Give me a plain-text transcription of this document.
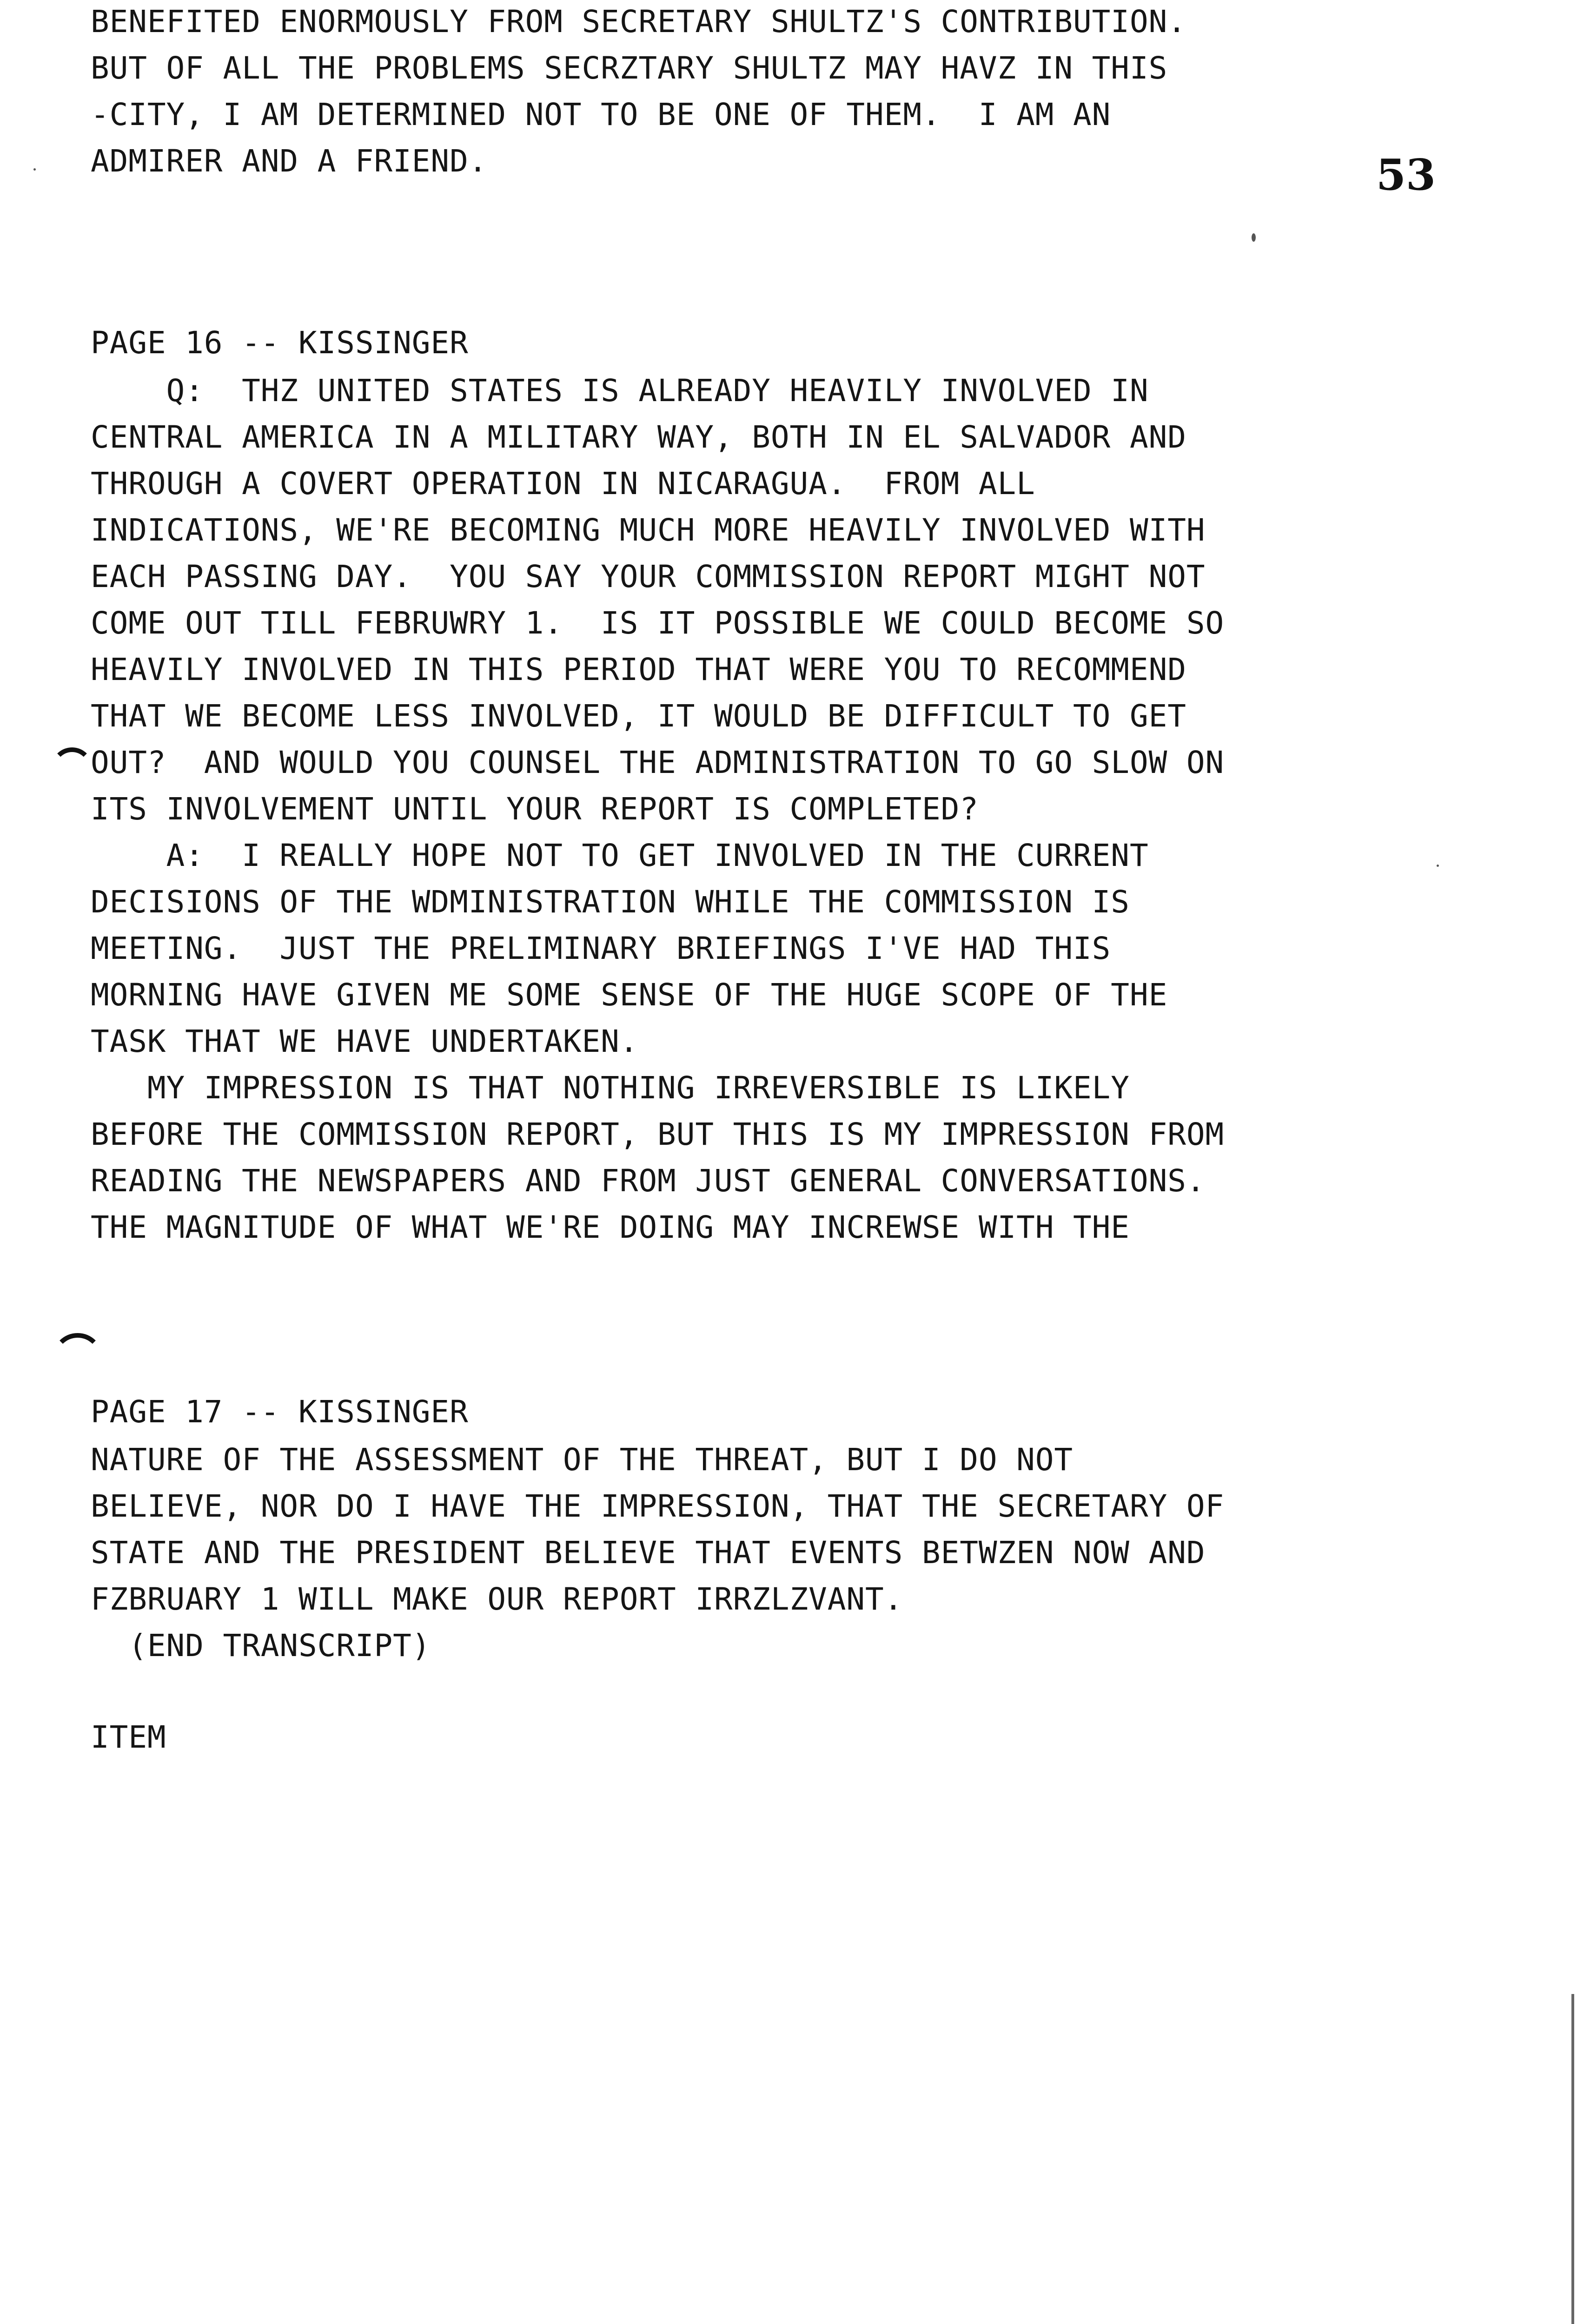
53
BENEFITED ENORMOUSLY FROM SECRETARY SHULTZ'S CONTRIBUTION.
BUT OF ALL THE PROBLEMS SECRZTARY SHULTZ MAY HAVZ IN THIS
-CITY, I AM DETERMINED NOT TO BE ONE OF THEM.  I AM AN
ADMIRER AND A FRIEND.
PAGE 16 -- KISSINGER
Q:  THZ UNITED STATES IS ALREADY HEAVILY INVOLVED IN
CENTRAL AMERICA IN A MILITARY WAY, BOTH IN EL SALVADOR AND
THROUGH A COVERT OPERATION IN NICARAGUA.  FROM ALL
INDICATIONS, WE'RE BECOMING MUCH MORE HEAVILY INVOLVED WITH
EACH PASSING DAY.  YOU SAY YOUR COMMISSION REPORT MIGHT NOT
COME OUT TILL FEBRUWRY 1.  IS IT POSSIBLE WE COULD BECOME SO
HEAVILY INVOLVED IN THIS PERIOD THAT WERE YOU TO RECOMMEND
THAT WE BECOME LESS INVOLVED, IT WOULD BE DIFFICULT TO GET
OUT?  AND WOULD YOU COUNSEL THE ADMINISTRATION TO GO SLOW ON
ITS INVOLVEMENT UNTIL YOUR REPORT IS COMPLETED?
A:  I REALLY HOPE NOT TO GET INVOLVED IN THE CURRENT
DECISIONS OF THE WDMINISTRATION WHILE THE COMMISSION IS
MEETING.  JUST THE PRELIMINARY BRIEFINGS I'VE HAD THIS
MORNING HAVE GIVEN ME SOME SENSE OF THE HUGE SCOPE OF THE
TASK THAT WE HAVE UNDERTAKEN.
MY IMPRESSION IS THAT NOTHING IRREVERSIBLE IS LIKELY
BEFORE THE COMMISSION REPORT, BUT THIS IS MY IMPRESSION FROM
READING THE NEWSPAPERS AND FROM JUST GENERAL CONVERSATIONS.
THE MAGNITUDE OF WHAT WE'RE DOING MAY INCREWSE WITH THE
PAGE 17 -- KISSINGER
NATURE OF THE ASSESSMENT OF THE THREAT, BUT I DO NOT
BELIEVE, NOR DO I HAVE THE IMPRESSION, THAT THE SECRETARY OF
STATE AND THE PRESIDENT BELIEVE THAT EVENTS BETWZEN NOW AND
FZBRUARY 1 WILL MAKE OUR REPORT IRRZLZVANT.
(END TRANSCRIPT)
ITEM
